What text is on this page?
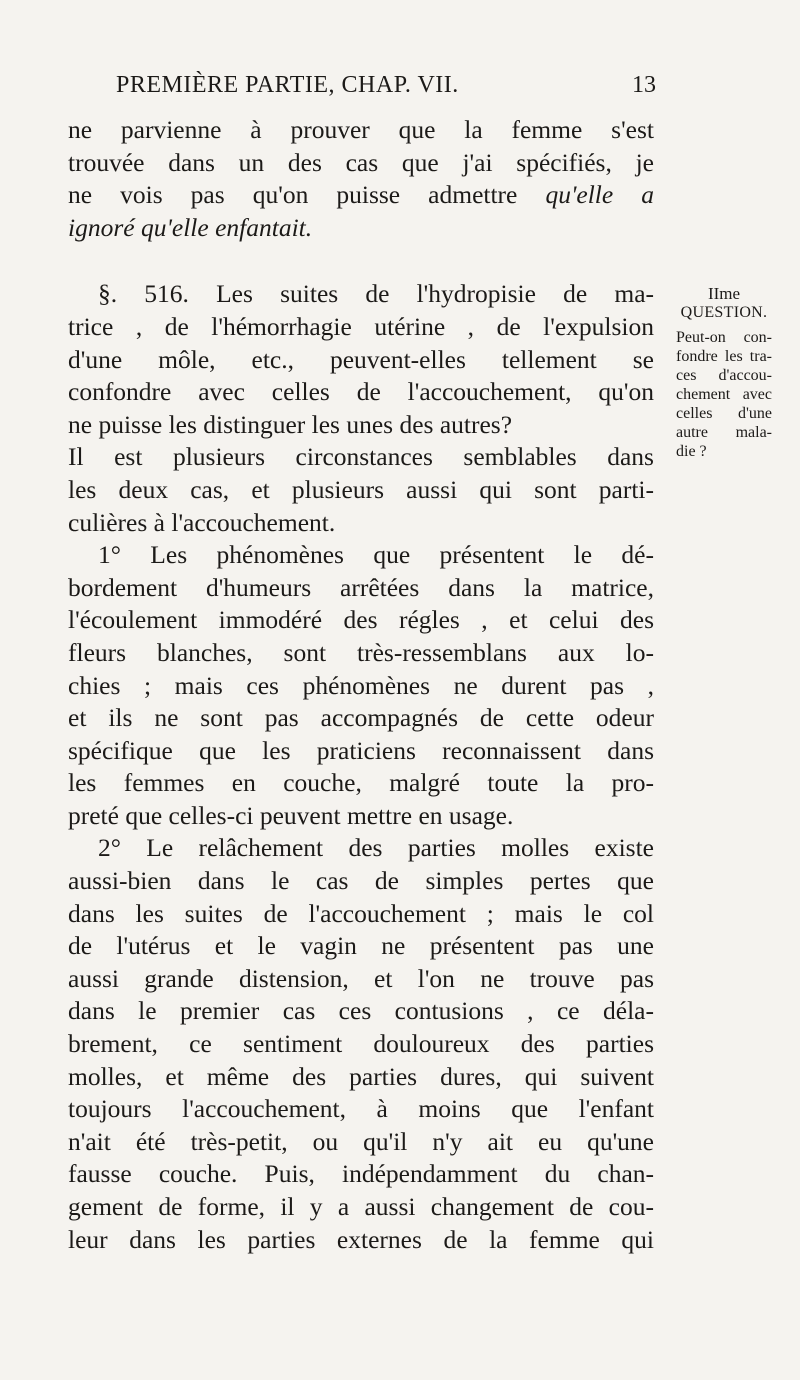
PREMIÈRE PARTIE, CHAP. VII.	13
ne parvienne à prouver que la femme s'est
trouvée dans un des cas que j'ai spécifiés, je
ne vois pas qu'on puisse admettre qu'elle a
ignoré qu'elle enfantait.
§. 516. Les suites de l'hydropisie de ma-
trice , de l'hémorrhagie utérine , de l'expulsion
d'une môle, etc., peuvent-elles tellement se
confondre avec celles de l'accouchement, qu'on
ne puisse les distinguer les unes des autres?
Il est plusieurs circonstances semblables dans
les deux cas, et plusieurs aussi qui sont parti-
culières à l'accouchement.
1° Les phénomènes que présentent le dé-
bordement d'humeurs arrêtées dans la matrice,
l'écoulement immodéré des régles , et celui des
fleurs blanches, sont très-ressemblans aux lo-
chies ; mais ces phénomènes ne durent pas ,
et ils ne sont pas accompagnés de cette odeur
spécifique que les praticiens reconnaissent dans
les femmes en couche, malgré toute la pro-
preté que celles-ci peuvent mettre en usage.
2° Le relâchement des parties molles existe
aussi-bien dans le cas de simples pertes que
dans les suites de l'accouchement ; mais le col
de l'utérus et le vagin ne présentent pas une
aussi grande distension, et l'on ne trouve pas
dans le premier cas ces contusions , ce déla-
brement, ce sentiment douloureux des parties
molles, et même des parties dures, qui suivent
toujours l'accouchement, à moins que l'enfant
n'ait été très-petit, ou qu'il n'y ait eu qu'une
fausse couche. Puis, indépendamment du chan-
gement de forme, il y a aussi changement de cou-
leur dans les parties externes de la femme qui
IIme
QUESTION.
Peut-on con-
fondre les tra-
ces d'accou-
chement avec
celles d'une
autre mala-
die ?
